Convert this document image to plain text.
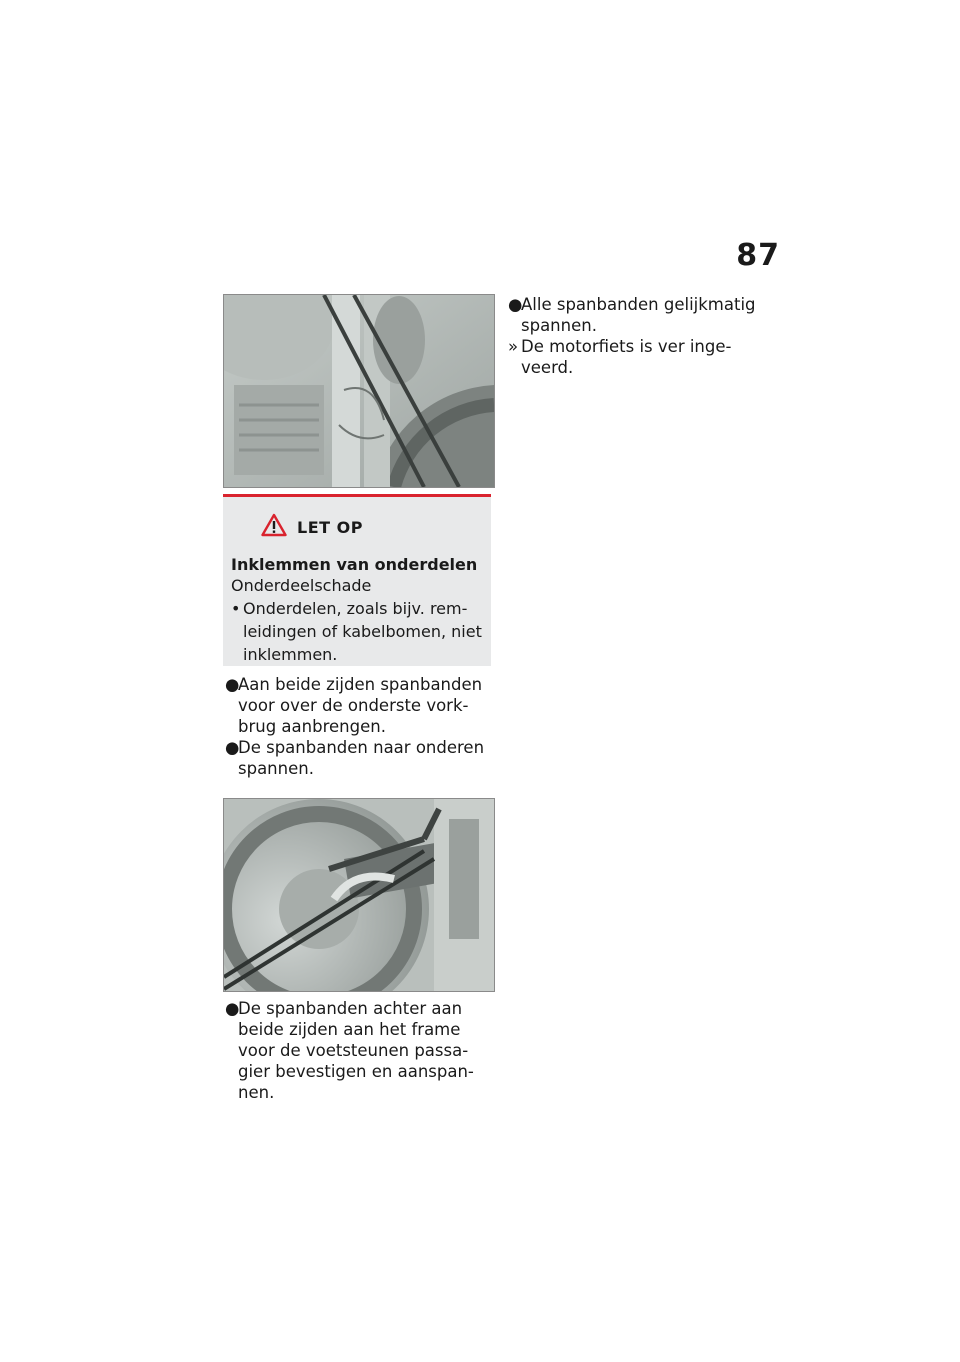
87
LET OP
Inklemmen van onderdelen
Onderdeelschade
• Onderdelen, zoals bijv. rem-leidingen of kabelbomen, niet inklemmen.

●
Aan beide zijden spanbanden voor over de onderste vork-brug aanbrengen.

●
De spanbanden naar onderen spannen.

●
De spanbanden achter aan beide zijden aan het frame voor de voetsteunen passa-gier bevestigen en aanspan-nen.

●
Alle spanbanden gelijkmatig spannen.

» De motorfiets is ver inge-veerd.
